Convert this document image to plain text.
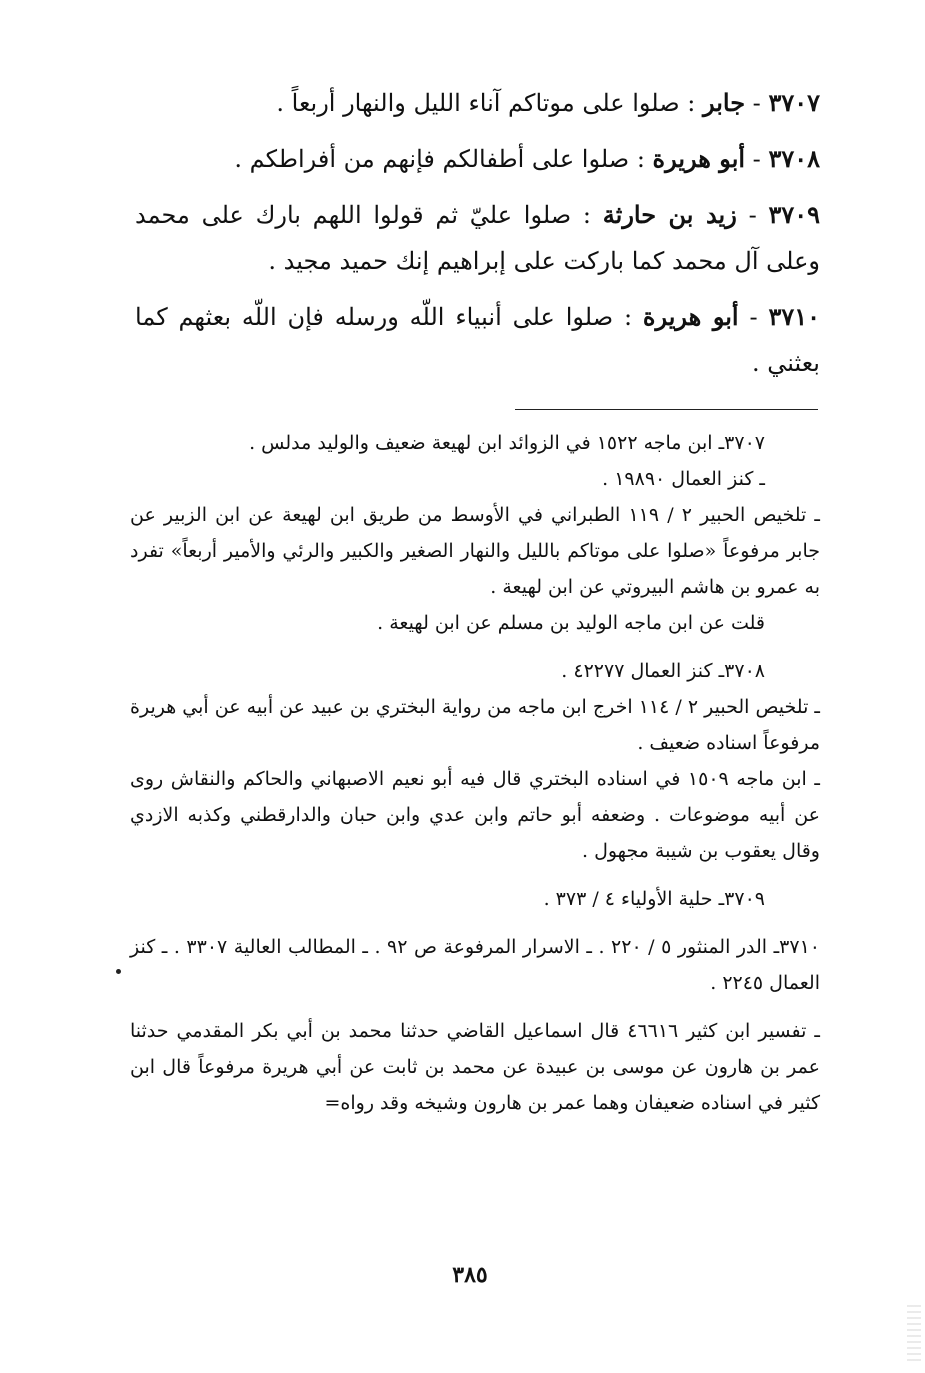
٣٧٠٧ - جابر : صلوا على موتاكم آناء الليل والنهار أربعاً .

٣٧٠٨ - أبو هريرة : صلوا على أطفالكم فإنهم من أفراطكم .

٣٧٠٩ - زيد بن حارثة : صلوا عليّ ثم قولوا اللهم بارك على محمد وعلى آل محمد كما باركت على إبراهيم إنك حميد مجيد .

٣٧١٠ - أبو هريرة : صلوا على أنبياء اللّه ورسله فإن اللّه بعثهم كما بعثني .

٣٧٠٧ـ ابن ماجه ١٥٢٢ في الزوائد ابن لهيعة ضعيف والوليد مدلس .

ـ كنز العمال ١٩٨٩٠ .

ـ تلخيص الحبير ٢ / ١١٩ الطبراني في الأوسط من طريق ابن لهيعة عن ابن الزبير عن جابر مرفوعاً «صلوا على موتاكم بالليل والنهار الصغير والكبير والرئي والأمير أربعاً» تفرد به عمرو بن هاشم البيروتي عن ابن لهيعة .

قلت عن ابن ماجه الوليد بن مسلم عن ابن لهيعة .

٣٧٠٨ـ كنز العمال ٤٢٢٧٧ .

ـ تلخيص الحبير ٢ / ١١٤ اخرج ابن ماجه من رواية البختري بن عبيد عن أبيه عن أبي هريرة مرفوعاً اسناده ضعيف .

ـ ابن ماجه ١٥٠٩ في اسناده البختري قال فيه أبو نعيم الاصبهاني والحاكم والنقاش روى عن أبيه موضوعات . وضعفه أبو حاتم وابن عدي وابن حبان والدارقطني وكذبه الازدي وقال يعقوب بن شيبة مجهول .

٣٧٠٩ـ حلية الأولياء ٤ / ٣٧٣ .

٣٧١٠ـ الدر المنثور ٥ / ٢٢٠ . ـ الاسرار المرفوعة ص ٩٢ . ـ المطالب العالية ٣٣٠٧ . ـ كنز العمال ٢٢٤٥ .

ـ تفسير ابن كثير ٤٦٦١٦ قال اسماعيل القاضي حدثنا محمد بن أبي بكر المقدمي حدثنا عمر بن هارون عن موسى بن عبيدة عن محمد بن ثابت عن أبي هريرة مرفوعاً قال ابن كثير في اسناده ضعيفان وهما عمر بن هارون وشيخه وقد رواه=

٣٨٥
